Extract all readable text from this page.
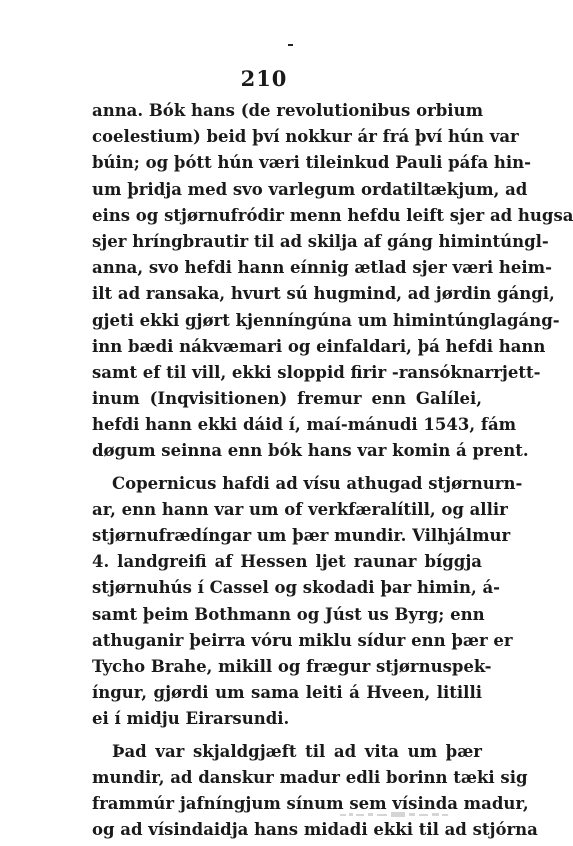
210
anna. Bók hans (de revolutionibus orbium
coelestium) beid því nokkur ár frá því hún var
búin; og þótt hún væri tileinkud Pauli páfa hin-
um þridja med svo varlegum ordatiltækjum, ad
eins og stjørnufródir menn hefdu leift sjer ad hugsa
sjer hríngbrautir til ad skilja af gáng himintúngl-
anna, svo hefdi hann eínnig ætlad sjer væri heim-
ilt ad ransaka, hvurt sú hugmind, ad jørdin gángi,
gjeti ekki gjørt kjenníngúna um himintúnglagáng-
inn bædi nákvæmari og einfaldari, þá hefdi hann
samt ef til vill, ekki sloppid firir -ransóknarrjett-
inum (Inqvisitionen) fremur enn Galílei,
hefdi hann ekki dáid í, maí-mánudi 1543, fám
døgum seinna enn bók hans var komin á prent.
Copernicus hafdi ad vísu athugad stjørnurn-
ar, enn hann var um of verkfæralítill, og allir
stjørnufrædíngar um þær mundir. Vilhjálmur
4. landgreifi af Hessen ljet raunar bíggja
stjørnuhús í Cassel og skodadi þar himin, á-
samt þeim Bothmann og Júst us Byrg; enn
athuganir þeirra vóru miklu sídur enn þær er
Tycho Brahe, mikill og frægur stjørnuspek-
íngur, gjørdi um sama leiti á Hveen, litilli
ei í midju Eirarsundi.
Þad var skjaldgjæft til ad vita um þær
mundir, ad danskur madur edli borinn tæki sig
frammúr jafníngjum sínum sem vísinda madur,
og ad vísindaidja hans midadi ekki til ad stjórna
